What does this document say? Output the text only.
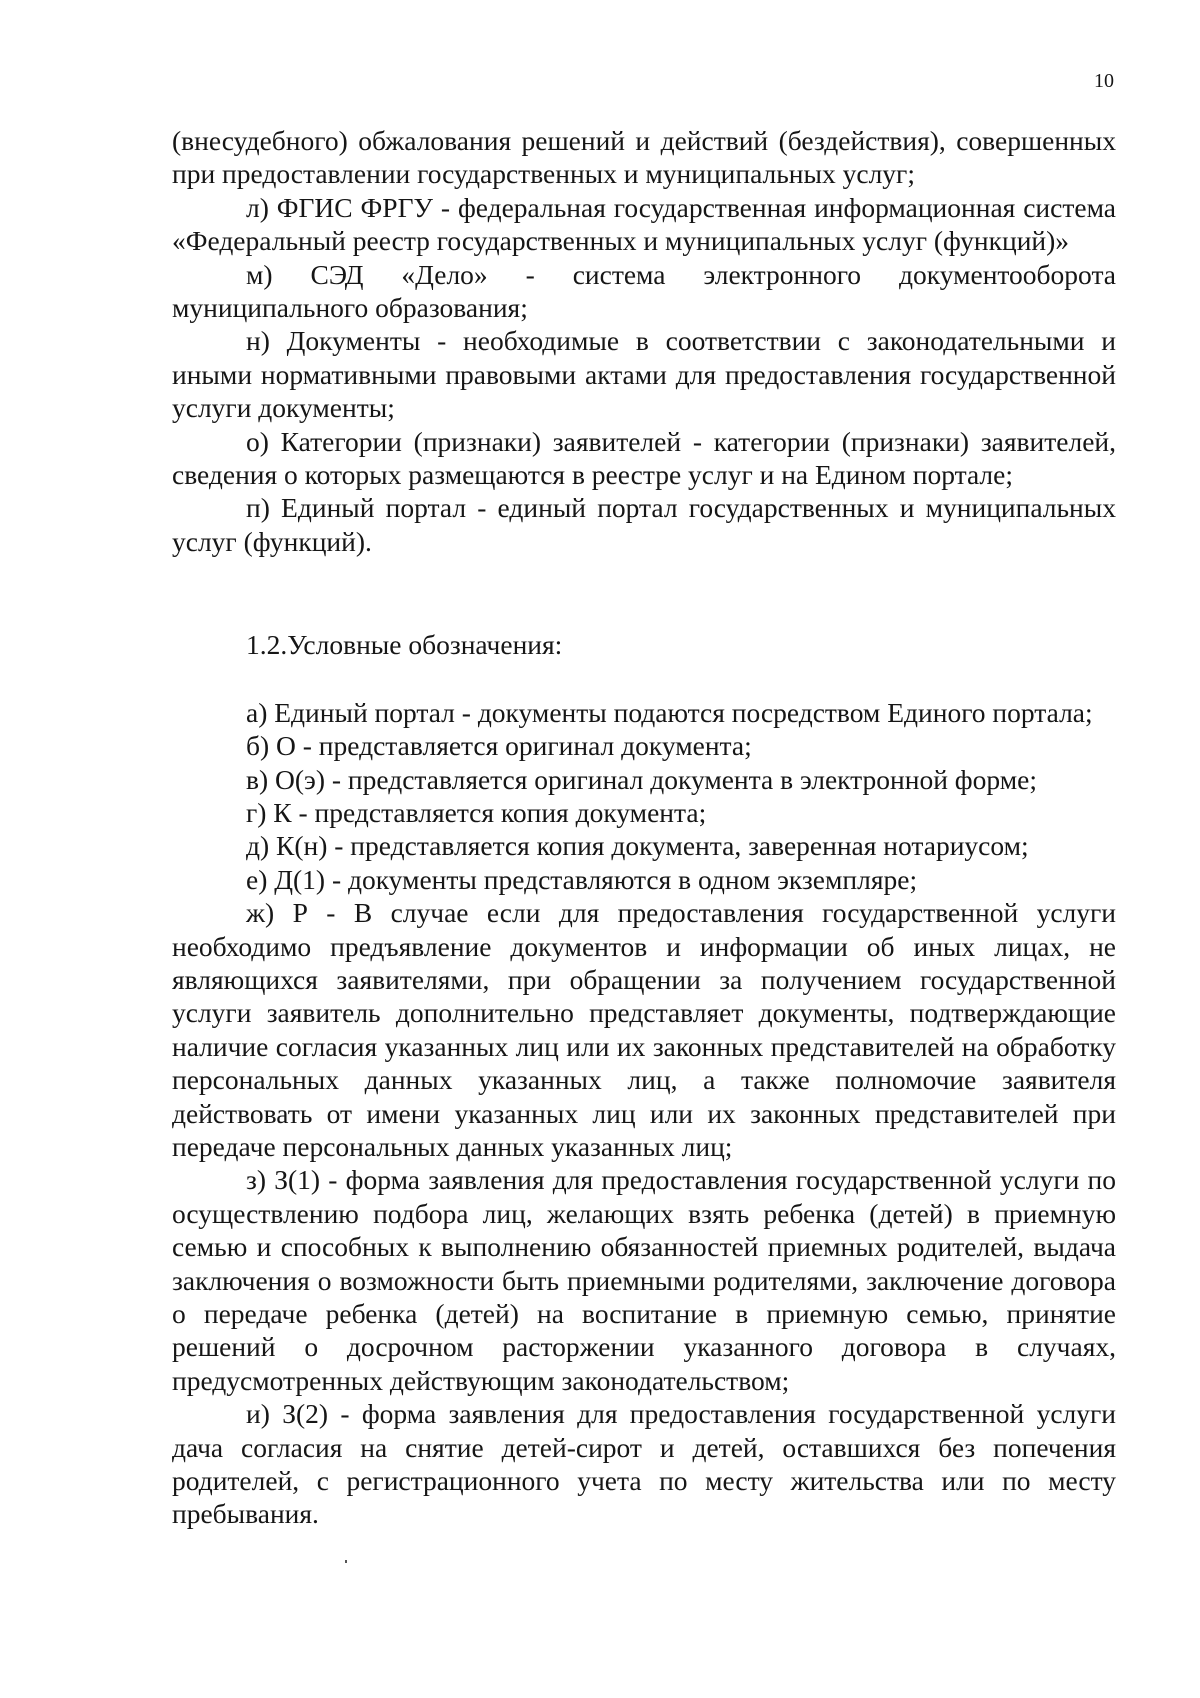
10

(внесудебного) обжалования решений и действий (бездействия), совершенных при предоставлении государственных и муниципальных услуг;

л) ФГИС ФРГУ - федеральная государственная информационная система «Федеральный реестр государственных и муниципальных услуг (функций)»

м) СЭД «Дело» - система электронного документооборота муниципального образования;

н) Документы - необходимые в соответствии с законодательными и иными нормативными правовыми актами для предоставления государственной услуги документы;

о) Категории (признаки) заявителей - категории (признаки) заявителей, сведения о которых размещаются в реестре услуг и на Едином портале;

п) Единый портал - единый портал государственных и муниципальных услуг (функций).

1.2.Условные обозначения:

а) Единый портал - документы подаются посредством Единого портала;

б) О - представляется оригинал документа;

в) О(э) - представляется оригинал документа в электронной форме;

г) К - представляется копия документа;

д) К(н) - представляется копия документа, заверенная нотариусом;

е) Д(1) - документы представляются в одном экземпляре;

ж) Р - В случае если для предоставления государственной услуги необходимо предъявление документов и информации об иных лицах, не являющихся заявителями, при обращении за получением государственной услуги заявитель дополнительно представляет документы, подтверждающие наличие согласия указанных лиц или их законных представителей на обработку персональных данных указанных лиц, а также полномочие заявителя действовать от имени указанных лиц или их законных представителей при передаче персональных данных указанных лиц;

з) З(1) - форма заявления для предоставления государственной услуги по осуществлению подбора лиц, желающих взять ребенка (детей) в приемную семью и способных к выполнению обязанностей приемных родителей, выдача заключения о возможности быть приемными родителями, заключение договора о передаче ребенка (детей) на воспитание в приемную семью, принятие решений о досрочном расторжении указанного договора в случаях, предусмотренных действующим законодательством;

и) З(2) - форма заявления для предоставления государственной услуги дача согласия на снятие детей-сирот и детей, оставшихся без попечения родителей, с регистрационного учета по месту жительства или по месту пребывания.
